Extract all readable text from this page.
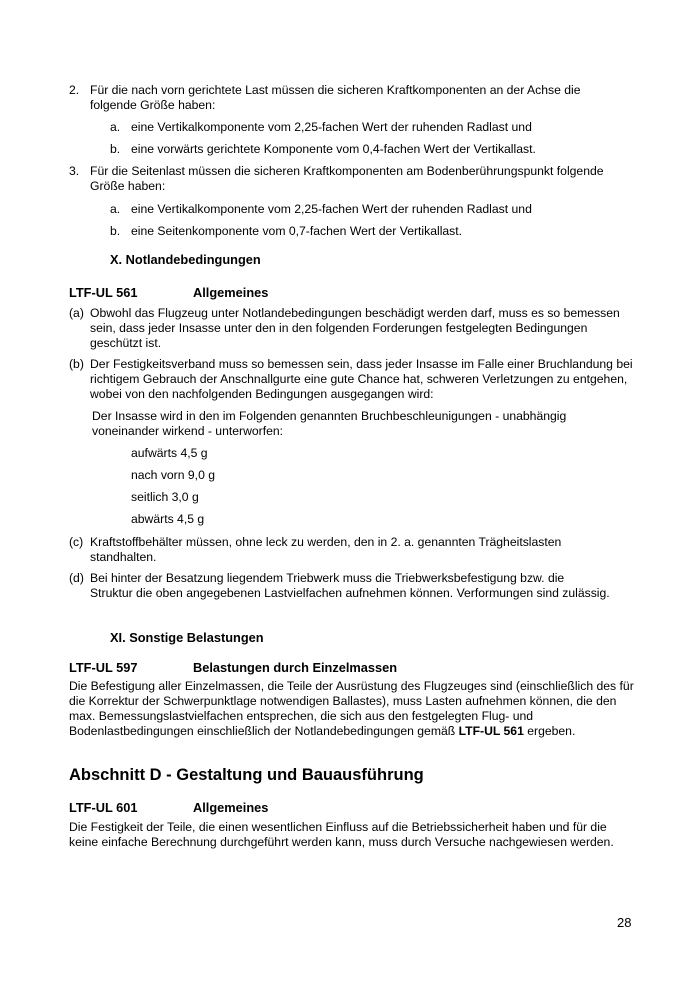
2. Für die nach vorn gerichtete Last müssen die sicheren Kraftkomponenten an der Achse die folgende Größe haben:
a. eine Vertikalkomponente vom 2,25-fachen Wert der ruhenden Radlast und
b. eine vorwärts gerichtete Komponente vom 0,4-fachen Wert der Vertikallast.
3. Für die Seitenlast müssen die sicheren Kraftkomponenten am Bodenberührungspunkt folgende Größe haben:
a. eine Vertikalkomponente vom 2,25-fachen Wert der ruhenden Radlast und
b. eine Seitenkomponente vom 0,7-fachen Wert der Vertikallast.
X. Notlandebedingungen
LTF-UL 561	Allgemeines
(a) Obwohl das Flugzeug unter Notlandebedingungen beschädigt werden darf, muss es so bemessen sein, dass jeder Insasse unter den in den folgenden Forderungen festgelegten Bedingungen geschützt ist.
(b) Der Festigkeitsverband muss so bemessen sein, dass jeder Insasse im Falle einer Bruchlandung bei richtigem Gebrauch der Anschnallgurte eine gute Chance hat, schweren Verletzungen zu entgehen, wobei von den nachfolgenden Bedingungen ausgegangen wird:
Der Insasse wird in den im Folgenden genannten Bruchbeschleunigungen - unabhängig voneinander wirkend - unterworfen:
aufwärts 4,5 g
nach vorn 9,0 g
seitlich 3,0 g
abwärts 4,5 g
(c) Kraftstoffbehälter müssen, ohne leck zu werden, den in 2. a. genannten Trägheitslasten standhalten.
(d) Bei hinter der Besatzung liegendem Triebwerk muss die Triebwerksbefestigung bzw. die Struktur die oben angegebenen Lastvielfachen aufnehmen können. Verformungen sind zulässig.
XI. Sonstige Belastungen
LTF-UL 597	Belastungen durch Einzelmassen
Die Befestigung aller Einzelmassen, die Teile der Ausrüstung des Flugzeuges sind (einschließlich des für die Korrektur der Schwerpunktlage notwendigen Ballastes), muss Lasten aufnehmen können, die den max. Bemessungslastvielfachen entsprechen, die sich aus den festgelegten Flug- und Bodenlastbedingungen einschließlich der Notlandebedingungen gemäß LTF-UL 561 ergeben.
Abschnitt D - Gestaltung und Bauausführung
LTF-UL 601	Allgemeines
Die Festigkeit der Teile, die einen wesentlichen Einfluss auf die Betriebssicherheit haben und für die keine einfache Berechnung durchgeführt werden kann, muss durch Versuche nachgewiesen werden.
28
